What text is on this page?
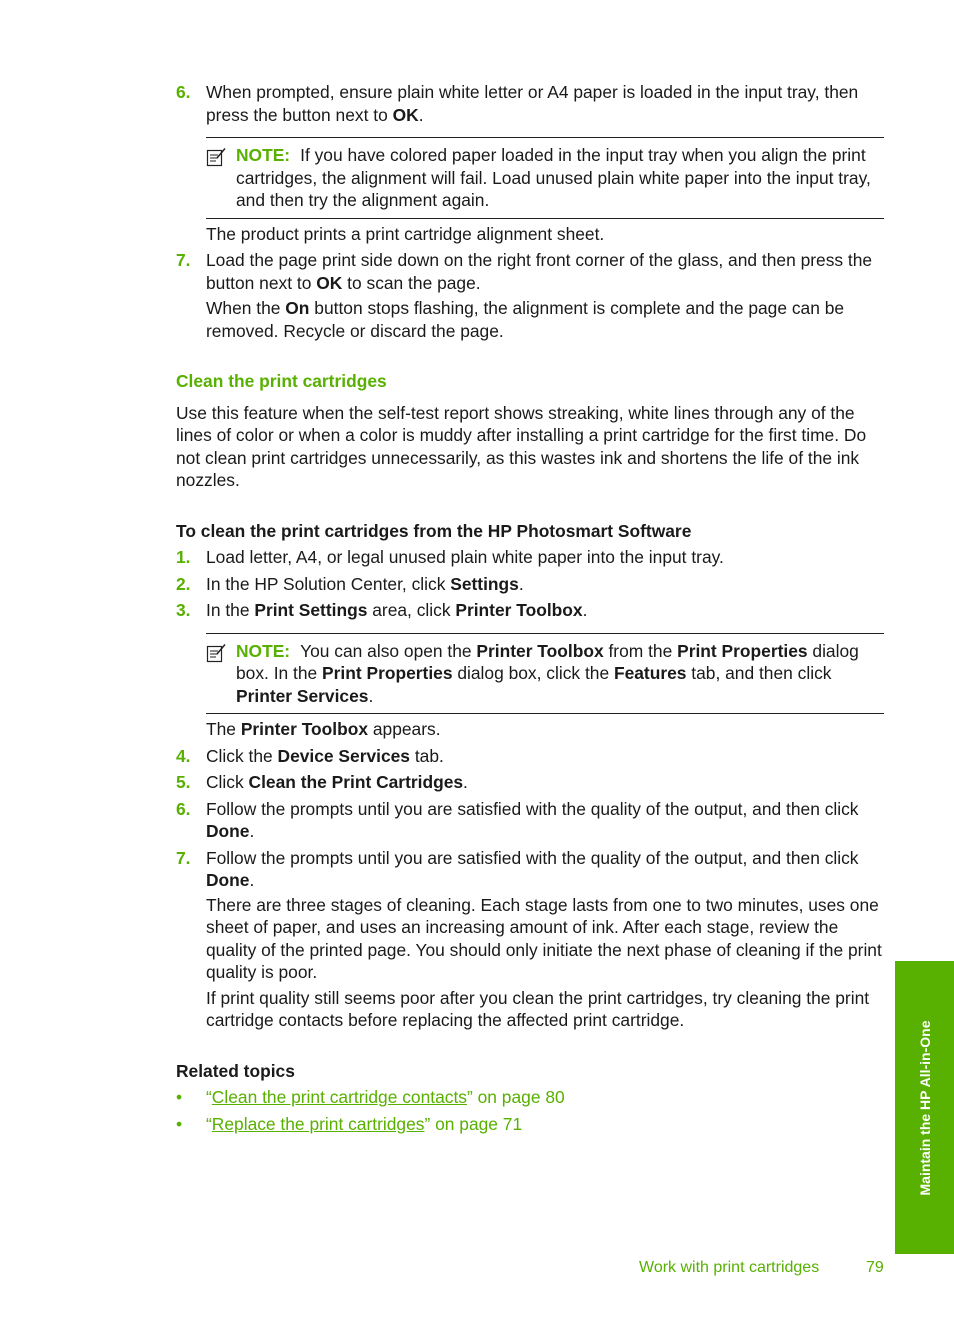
6. When prompted, ensure plain white letter or A4 paper is loaded in the input tray, then press the button next to OK.
NOTE: If you have colored paper loaded in the input tray when you align the print cartridges, the alignment will fail. Load unused plain white paper into the input tray, and then try the alignment again.
The product prints a print cartridge alignment sheet.
7. Load the page print side down on the right front corner of the glass, and then press the button next to OK to scan the page.
When the On button stops flashing, the alignment is complete and the page can be removed. Recycle or discard the page.
Clean the print cartridges
Use this feature when the self-test report shows streaking, white lines through any of the lines of color or when a color is muddy after installing a print cartridge for the first time. Do not clean print cartridges unnecessarily, as this wastes ink and shortens the life of the ink nozzles.
To clean the print cartridges from the HP Photosmart Software
1. Load letter, A4, or legal unused plain white paper into the input tray.
2. In the HP Solution Center, click Settings.
3. In the Print Settings area, click Printer Toolbox.
NOTE: You can also open the Printer Toolbox from the Print Properties dialog box. In the Print Properties dialog box, click the Features tab, and then click Printer Services.
The Printer Toolbox appears.
4. Click the Device Services tab.
5. Click Clean the Print Cartridges.
6. Follow the prompts until you are satisfied with the quality of the output, and then click Done.
7. Follow the prompts until you are satisfied with the quality of the output, and then click Done.
There are three stages of cleaning. Each stage lasts from one to two minutes, uses one sheet of paper, and uses an increasing amount of ink. After each stage, review the quality of the printed page. You should only initiate the next phase of cleaning if the print quality is poor.
If print quality still seems poor after you clean the print cartridges, try cleaning the print cartridge contacts before replacing the affected print cartridge.
Related topics
• “Clean the print cartridge contacts” on page 80
• “Replace the print cartridges” on page 71	Maintain the HP All-in-One
Work with print cartridges	79
